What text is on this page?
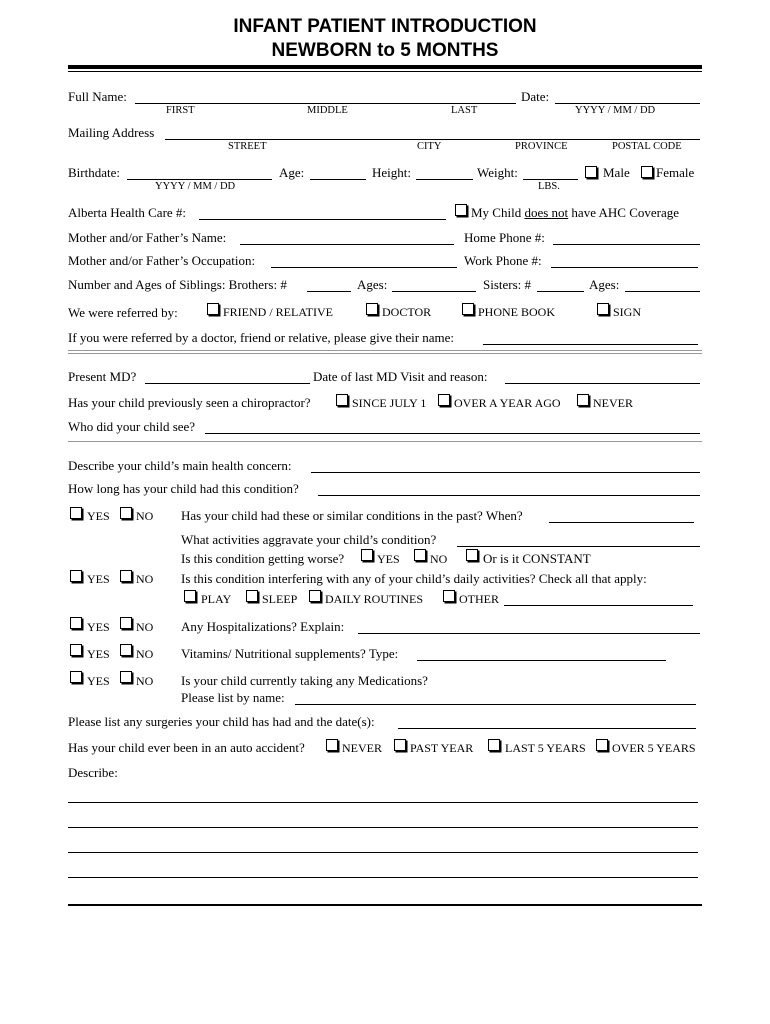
INFANT PATIENT INTRODUCTION
NEWBORN to 5 MONTHS
Full Name:	Date:
FIRST	MIDDLE	LAST	YYYY / MM / DD
Mailing Address
STREET	CITY	PROVINCE	POSTAL CODE
Birthdate:	Age:	Height:	Weight:	Male Female
YYYY / MM / DD	LBS.
Alberta Health Care #:	My Child does not have AHC Coverage
Mother and/or Father’s Name:	Home Phone #:
Mother and/or Father’s Occupation:	Work Phone #:
Number and Ages of Siblings: Brothers: #	Ages:	Sisters: #	Ages:
We were referred by:	FRIEND / RELATIVE	DOCTOR	PHONE BOOK	SIGN
If you were referred by a doctor, friend or relative, please give their name:
Present MD?	Date of last MD Visit and reason:
Has your child previously seen a chiropractor?	SINCE JULY 1 OVER A YEAR AGO	NEVER
Who did your child see?
Describe your child’s main health concern:
How long has your child had this condition?
YES NO Has your child had these or similar conditions in the past? When?
What activities aggravate your child’s condition?
Is this condition getting worse?	YES	NO	Or is it CONSTANT
YES NO Is this condition interfering with any of your child’s daily activities? Check all that apply:
PLAY	SLEEP DAILY ROUTINES	OTHER
YES NO Any Hospitalizations? Explain:
YES NO Vitamins/ Nutritional supplements? Type:
YES NO Is your child currently taking any Medications?
Please list by name:
Please list any surgeries your child has had and the date(s):
Has your child ever been in an auto accident?	NEVER PAST YEAR	LAST 5 YEARS OVER 5 YEARS
Describe:
